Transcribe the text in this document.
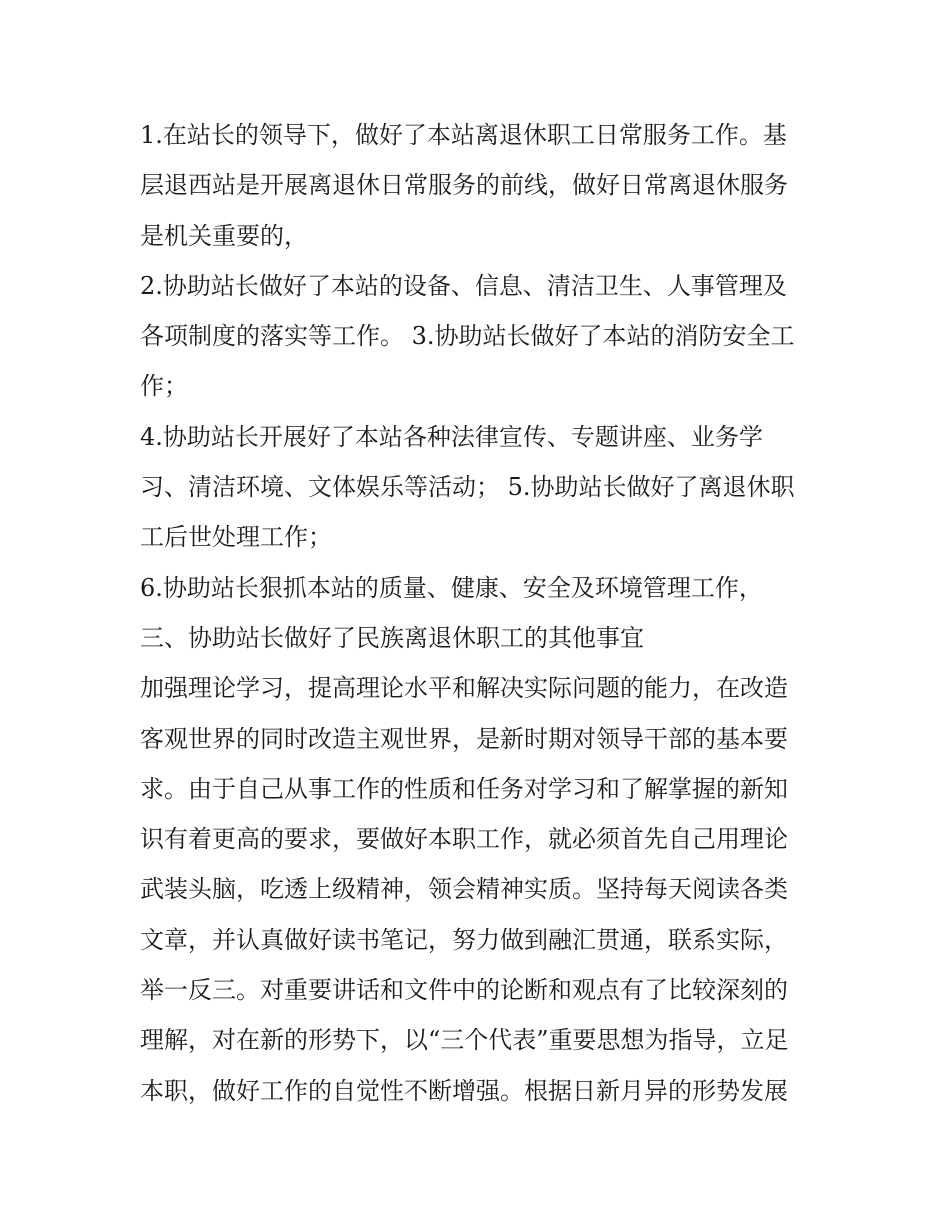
1.在站长的领导下，做好了本站离退休职工日常服务工作。基
层退西站是开展离退休日常服务的前线，做好日常离退休服务
是机关重要的，
2.协助站长做好了本站的设备、信息、清洁卫生、人事管理及
各项制度的落实等工作。 3.协助站长做好了本站的消防安全工
作；
4.协助站长开展好了本站各种法律宣传、专题讲座、业务学
习、清洁环境、文体娱乐等活动； 5.协助站长做好了离退休职
工后世处理工作；
6.协助站长狠抓本站的质量、健康、安全及环境管理工作，
三、协助站长做好了民族离退休职工的其他事宜
加强理论学习，提高理论水平和解决实际问题的能力，在改造
客观世界的同时改造主观世界，是新时期对领导干部的基本要
求。由于自己从事工作的性质和任务对学习和了解掌握的新知
识有着更高的要求，要做好本职工作，就必须首先自己用理论
武装头脑，吃透上级精神，领会精神实质。坚持每天阅读各类
文章，并认真做好读书笔记，努力做到融汇贯通，联系实际，
举一反三。对重要讲话和文件中的论断和观点有了比较深刻的
理解，对在新的形势下，以“三个代表”重要思想为指导，立足
本职，做好工作的自觉性不断增强。根据日新月异的形势发展
